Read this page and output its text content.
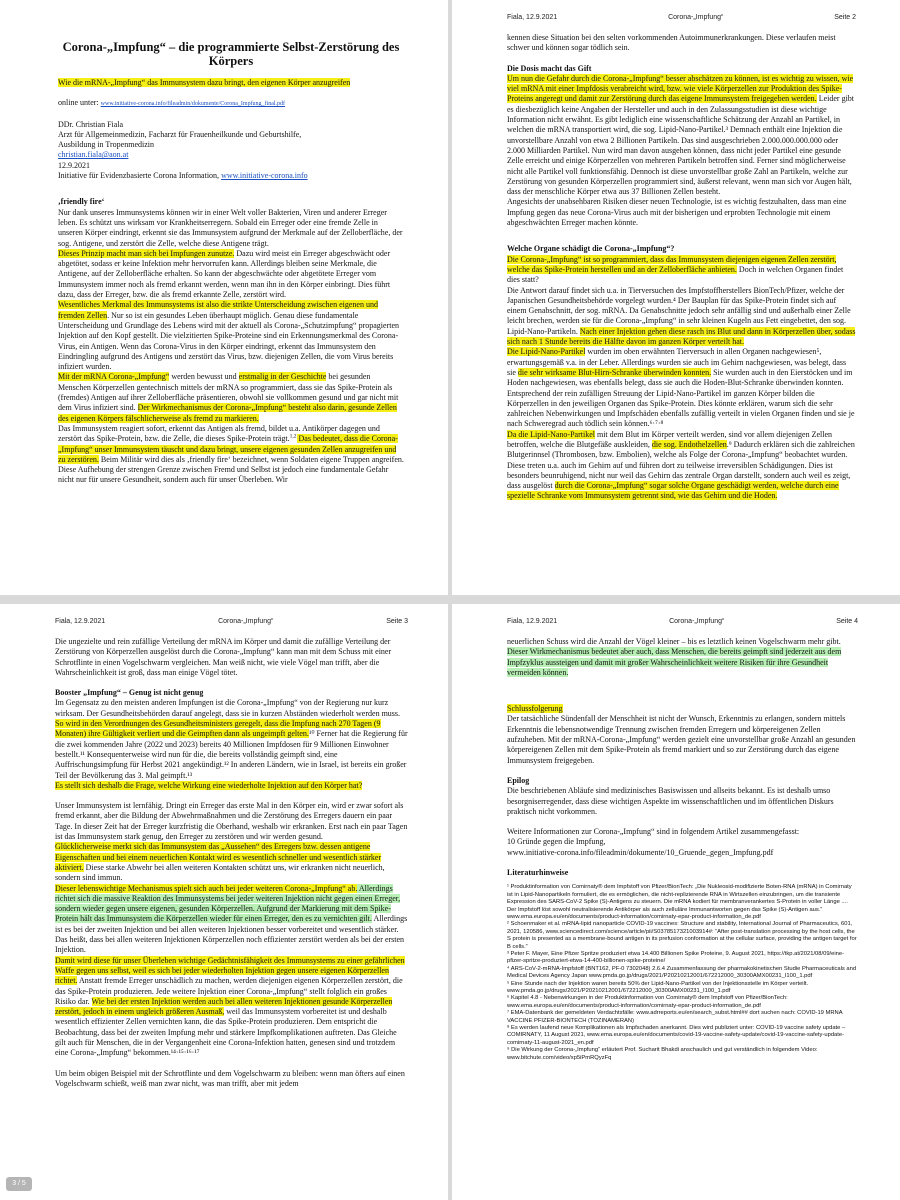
Corona-„Impfung“ – die programmierte Selbst-Zerstörung des Körpers

Wie die mRNA-„Impfung“ das Immunsystem dazu bringt, den eigenen Körper anzugreifen

online unter: www.initiative-corona.info/fileadmin/dokumente/Corona_Impfung_final.pdf

DDr. Christian Fiala

Arzt für Allgemeinmedizin, Facharzt für Frauenheilkunde und Geburtshilfe,

Ausbildung in Tropenmedizin

christian.fiala@aon.at

12.9.2021

Initiative für Evidenzbasierte Corona Information, www.initiative-corona.info

‚friendly fire‘

Nur dank unseres Immunsystems können wir in einer Welt voller Bakterien, Viren und anderer Erreger leben. Es schützt uns wirksam vor Krankheitserregern. Sobald ein Erreger oder eine fremde Zelle in unseren Körper eindringt, erkennt sie das Immunsystem aufgrund der Merkmale auf der Zelloberfläche, der sog. Antigene, und zerstört die Zelle, welche diese Antigene trägt.

Dieses Prinzip macht man sich bei Impfungen zunutze. Dazu wird meist ein Erreger abgeschwächt oder abgetötet, sodass er keine Infektion mehr hervorrufen kann. Allerdings bleiben seine Merkmale, die Antigene, auf der Zelloberfläche erhalten. So kann der abgeschwächte oder abgetötete Erreger vom Immunsystem immer noch als fremd erkannt werden, wenn man ihn in den Körper einbringt. Dies führt dazu, dass der Erreger, bzw. die als fremd erkannte Zelle, zerstört wird.

Wesentliches Merkmal des Immunsystems ist also die strikte Unterscheidung zwischen eigenen und fremden Zellen. Nur so ist ein gesundes Leben überhaupt möglich. Genau diese fundamentale Unterscheidung und Grundlage des Lebens wird mit der aktuell als Corona-„Schutzimpfung“ propagierten Injektion auf den Kopf gestellt. Die vielzitierten Spike-Proteine sind ein Erkennungsmerkmal des Corona-Virus, ein Antigen. Wenn das Corona-Virus in den Körper eindringt, erkennt das Immunsystem den Eindringling aufgrund des Antigens und zerstört das Virus, bzw. diejenigen Zellen, die vom Virus bereits infiziert wurden.

Mit der mRNA Corona-„Impfung“ werden bewusst und erstmalig in der Geschichte bei gesunden Menschen Körperzellen gentechnisch mittels der mRNA so programmiert, dass sie das Spike-Protein als (fremdes) Antigen auf ihrer Zelloberfläche präsentieren, obwohl sie vollkommen gesund und gar nicht mit dem Virus infiziert sind. Der Wirkmechanismus der Corona-„Impfung“ besteht also darin, gesunde Zellen des eigenen Körpers fälschlicherweise als fremd zu markieren.

Das Immunsystem reagiert sofort, erkennt das Antigen als fremd, bildet u.a. Antikörper dagegen und zerstört das Spike-Protein, bzw. die Zelle, die dieses Spike-Protein trägt.$^{1,2}$ Das bedeutet, dass die Corona-„Impfung“ unser Immunsystem täuscht und dazu bringt, unsere eigenen gesunden Zellen anzugreifen und zu zerstören. Beim Militär wird dies als ‚friendly fire‘ bezeichnet, wenn Soldaten eigene Truppen angreifen.

Diese Aufhebung der strengen Grenze zwischen Fremd und Selbst ist jedoch eine fundamentale Gefahr nicht nur für unsere Gesundheit, sondern auch für unser Überleben. Wir

Fiala, 12.9.2021	Corona-„Impfung“	Seite 2

kennen diese Situation bei den selten vorkommenden Autoimmunerkrankungen. Diese verlaufen meist schwer und können sogar tödlich sein.

Die Dosis macht das Gift

Um nun die Gefahr durch die Corona-„Impfung“ besser abschätzen zu können, ist es wichtig zu wissen, wie viel mRNA mit einer Impfdosis verabreicht wird, bzw. wie viele Körperzellen zur Produktion des Spike-Proteins angeregt und damit zur Zerstörung durch das eigene Immunsystem freigegeben werden. Leider gibt es diesbezüglich keine Angaben der Hersteller und auch in den Zulassungsstudien ist diese wichtige Information nicht erwähnt. Es gibt lediglich eine wissenschaftliche Schätzung der Anzahl an Partikel, in welchen die mRNA transportiert wird, die sog. Lipid-Nano-Partikel.³ Demnach enthält eine Injektion die unvorstellbare Anzahl von etwa 2 Billionen Partikeln. Das sind ausgeschrieben 2.000.000.000.000 oder 2.000 Milliarden Partikel. Nun wird man davon ausgehen können, dass nicht jeder Partikel eine gesunde Zelle erreicht und einige Körperzellen von mehreren Partikeln betroffen sind. Ferner sind möglicherweise nicht alle Partikel voll funktionsfähig. Dennoch ist diese unvorstellbar große Zahl an Partikeln, welche zur Zerstörung von gesunden Körperzellen programmiert sind, äußerst relevant, wenn man sich vor Augen hält, dass der menschliche Körper etwa aus 37 Billionen Zellen besteht.

Angesichts der unabsehbaren Risiken dieser neuen Technologie, ist es wichtig festzuhalten, dass man eine Impfung gegen das neue Corona-Virus auch mit der bisherigen und erprobten Technologie mit einem abgeschwächten Erreger machen könnte.

Welche Organe schädigt die Corona-„Impfung“?

Die Corona-„Impfung“ ist so programmiert, dass das Immunsystem diejenigen eigenen Zellen zerstört, welche das Spike-Protein herstellen und an der Zelloberfläche anbieten. Doch in welchen Organen findet dies statt?

Die Antwort darauf findet sich u.a. in Tierversuchen des Impfstoffherstellers BionTech/Pfizer, welche der Japanischen Gesundheitsbehörde vorgelegt wurden.⁴ Der Bauplan für das Spike-Protein findet sich auf einem Genabschnitt, der sog. mRNA. Da Genabschnitte jedoch sehr anfällig sind und außerhalb einer Zelle leicht brechen, werden sie für die Corona-„Impfung“ in sehr kleinen Kugeln aus Fett eingebettet, den sog. Lipid-Nano-Partikeln. Nach einer Injektion gehen diese rasch ins Blut und dann in Körperzellen über, sodass sich nach 1 Stunde bereits die Hälfte davon im ganzen Körper verteilt hat.

Die Lipid-Nano-Partikel wurden im oben erwähnten Tierversuch in allen Organen nachgewiesen⁵, erwartungsgemäß v.a. in der Leber. Allerdings wurden sie auch im Gehirn nachgewiesen, was belegt, dass sie die sehr wirksame Blut-Hirn-Schranke überwinden konnten. Sie wurden auch in den Eierstöcken und im Hoden nachgewiesen, was ebenfalls belegt, dass sie auch die Hoden-Blut-Schranke überwinden konnten. Entsprechend der rein zufälligen Streuung der Lipid-Nano-Partikel im ganzen Körper bilden die Körperzellen in den jeweiligen Organen das Spike-Protein. Dies könnte erklären, warum sich die sehr zahlreichen Nebenwirkungen und Impfschäden ebenfalls zufällig verteilt in vielen Organen finden und sie je nach Schweregrad auch tödlich sein können.⁶·⁷·⁸

Da die Lipid-Nano-Partikel mit dem Blut im Körper verteilt werden, sind vor allem diejenigen Zellen betroffen, welche die Blutgefäße auskleiden, die sog. Endothelzellen.⁹ Dadurch erklären sich die zahlreichen Blutgerinnsel (Thrombosen, bzw. Embolien), welche als Folge der Corona-„Impfung“ beobachtet wurden. Diese treten u.a. auch im Gehirn auf und führen dort zu teilweise irreversiblen Schädigungen. Dies ist besonders beunruhigend, nicht nur weil das Gehirn das zentrale Organ darstellt, sondern auch weil es zeigt, dass ausgelöst durch die Corona-„Impfung“ sogar solche Organe geschädigt werden, welche durch eine spezielle Schranke vom Immunsystem getrennt sind, wie das Gehirn und die Hoden.

Fiala, 12.9.2021	Corona-„Impfung“	Seite 3

Die ungezielte und rein zufällige Verteilung der mRNA im Körper und damit die zufällige Verteilung der Zerstörung von Körperzellen ausgelöst durch die Corona-„Impfung“ kann man mit dem Schuss mit einer Schrotflinte in einen Vogelschwarm vergleichen. Man weiß nicht, wie viele Vögel man trifft, aber die Wahrscheinlichkeit ist groß, dass man einige Vögel tötet.

Booster „Impfung“ – Genug ist nicht genug

Im Gegensatz zu den meisten anderen Impfungen ist die Corona-„Impfung“ von der Regierung nur kurz wirksam. Der Gesundheitsbehörden darauf angelegt, dass sie in kurzen Abständen wiederholt werden muss. So wird in den Verordnungen des Gesundheitsministers geregelt, dass die Impfung nach 270 Tagen (9 Monaten) ihre Gültigkeit verliert und die Geimpften dann als ungeimpft gelten.¹⁰ Ferner hat die Regierung für die zwei kommenden Jahre (2022 und 2023) bereits 40 Millionen Impfdosen für 9 Millionen Einwohner bestellt.¹¹ Konsequenterweise wird nun für die, die bereits vollständig geimpft sind, eine Auffrischungsimpfung für Herbst 2021 angekündigt.¹² In anderen Ländern, wie in Israel, ist bereits ein großer Teil der Bevölkerung das 3. Mal geimpft.¹³

Es stellt sich deshalb die Frage, welche Wirkung eine wiederholte Injektion auf den Körper hat?

Unser Immunsystem ist lernfähig. Dringt ein Erreger das erste Mal in den Körper ein, wird er zwar sofort als fremd erkannt, aber die Bildung der Abwehrmaßnahmen und die Zerstörung des Erregers dauern ein paar Tage. In dieser Zeit hat der Erreger kurzfristig die Oberhand, weshalb wir erkranken. Erst nach ein paar Tagen ist das Immunsystem stark genug, den Erreger zu zerstören und wir werden gesund.

Glücklicherweise merkt sich das Immunsystem das „Aussehen“ des Erregers bzw. dessen antigene Eigenschaften und bei einem neuerlichen Kontakt wird es wesentlich schneller und wesentlich stärker aktiviert. Diese starke Abwehr bei allen weiteren Kontakten schützt uns, wir erkranken nicht neuerlich, sondern sind immun.

Dieser lebenswichtige Mechanismus spielt sich auch bei jeder weiteren Corona-„Impfung“ ab. Allerdings richtet sich die massive Reaktion des Immunsystems bei jeder weiteren Injektion nicht gegen einen Erreger, sondern wieder gegen unsere eigenen, gesunden Körperzellen. Aufgrund der Markierung mit dem Spike-Protein hält das Immunsystem die Körperzellen wieder für einen Erreger, den es zu vernichten gilt. Allerdings ist es bei der zweiten Injektion und bei allen weiteren Injektionen besser vorbereitet und wesentlich stärker. Das heißt, dass bei allen weiteren Injektionen Körperzellen noch effizienter zerstört werden als bei der ersten Injektion.

Damit wird diese für unser Überleben wichtige Gedächtnisfähigkeit des Immunsystems zu einer gefährlichen Waffe gegen uns selbst, weil es sich bei jeder wiederholten Injektion gegen unsere eigenen Körperzellen richtet. Anstatt fremde Erreger unschädlich zu machen, werden diejenigen eigenen Körperzellen zerstört, die das Spike-Protein produzieren. Jede weitere Injektion einer Corona-„Impfung“ stellt folglich ein großes Risiko dar. Wie bei der ersten Injektion werden auch bei allen weiteren Injektionen gesunde Körperzellen zerstört, jedoch in einem ungleich größeren Ausmaß, weil das Immunsystem vorbereitet ist und deshalb wesentlich effizienter Zellen vernichten kann, die das Spike-Protein produzieren. Dem entspricht die Beobachtung, dass bei der zweiten Impfung mehr und stärkere Impfkomplikationen auftreten. Das Gleiche gilt auch für Menschen, die in der Vergangenheit eine Corona-Infektion hatten, genesen sind und trotzdem eine Corona-„Impfung“ bekommen.¹⁴·¹⁵·¹⁶·¹⁷

Um beim obigen Beispiel mit der Schrotflinte und dem Vogelschwarm zu bleiben: wenn man öfters auf einen Vogelschwarm schießt, weiß man zwar nicht, was man trifft, aber mit jedem

Fiala, 12.9.2021	Corona-„Impfung“	Seite 4

neuerlichen Schuss wird die Anzahl der Vögel kleiner – bis es letztlich keinen Vogelschwarm mehr gibt.

Dieser Wirkmechanismus bedeutet aber auch, dass Menschen, die bereits geimpft sind jederzeit aus dem Impfzyklus aussteigen und damit mit großer Wahrscheinlichkeit weitere Risiken für ihre Gesundheit vermeiden können.

Schlussfolgerung

Der tatsächliche Sündenfall der Menschheit ist nicht der Wunsch, Erkenntnis zu erlangen, sondern mittels Erkenntnis die lebensnotwendige Trennung zwischen fremden Erregern und körpereigenen Zellen aufzuheben. Mit der mRNA-Corona-„Impfung“ werden gezielt eine unvorstellbar große Anzahl an gesunden körpereigenen Zellen mit dem Spike-Protein als fremd markiert und so zur Zerstörung durch das eigene Immunsystem freigegeben.

Epilog

Die beschriebenen Abläufe sind medizinisches Basiswissen und allseits bekannt. Es ist deshalb umso besorgniserregender, dass diese wichtigen Aspekte im wissenschaftlichen und im öffentlichen Diskurs praktisch nicht vorkommen.

Weitere Informationen zur Corona-„Impfung“ sind in folgendem Artikel zusammengefasst:

10 Gründe gegen die Impfung,

www.initiative-corona.info/fileadmin/dokumente/10_Gruende_gegen_Impfung.pdf

Literaturhinweise

¹ Produktinformation von Comirnaty® dem Impfstoff von Pfizer/BionTech: „Die Nukleosid-modifizierte Boten-RNA (mRNA) in Comirnaty ist in Lipid-Nanopartikeln formuliert, die es ermöglichen, die nicht-replizierende RNA in Wirtszellen einzubringen, um die transiente Expression des SARS-CoV-2 Spike (S)-Antigens zu steuern. Die mRNA kodiert für membranverankertes S-Protein in voller Länge .... Der Impfstoff löst sowohl neutralisierende Antikörper als auch zelluläre Immunantworten gegen das Spike (S)-Antigen aus.“ www.ema.europa.eu/en/documents/product-information/comirnaty-epar-product-information_de.pdf

² Schoenmaker et al. mRNA-lipid nanoparticle COVID-19 vaccines: Structure and stability, International Journal of Pharmaceutics, 601, 2021, 120586, www.sciencedirect.com/science/article/pii/S0378517321003914#: “After post-translation processing by the host cells, the S protein is presented as a membrane-bound antigen in its prefusion conformation at the cellular surface, providing the antigen target for B cells.”

³ Peter F. Mayer, Eine Pfizer Spritze produziert etwa 14.400 Billionen Spike Proteine, 9. August 2021, https://tkp.at/2021/08/09/eine-pfizer-spritze-produziert-etwa-14-400-billionen-spike-proteine/

⁴ ARS-CoV-2-mRNA-Impfstoff (BNT162, PF-0 7302048) 2.6.4 Zusammenfassung der pharmakokinetischen Studie Pharmaceuticals and Medical Devices Agency Japan www.pmda.go.jp/drugs/2021/P20210212001/672212000_30300AMX00231_I100_1.pdf

⁵ Eine Stunde nach der Injektion waren bereits 50% der Lipid-Nano-Partikel von der Injektionsstelle im Körper verteilt. www.pmda.go.jp/drugs/2021/P20210212001/672212000_30300AMX00231_I100_1.pdf

⁶ Kapitel 4.8 - Nebenwirkungen in der Produktinformation von Comirnaty® dem Impfstoff von Pfizer/BionTech: www.ema.europa.eu/en/documents/product-information/comirnaty-epar-product-information_de.pdf

⁷ EMA-Datenbank der gemeldeten Verdachtsfälle: www.adrreports.eu/en/search_subst.html## dort suchen nach: COVID-19 MRNA VACCINE PFIZER-BIONTECH (TOZINAMERAN)

⁸ Es werden laufend neue Komplikationen als Impfschaden anerkannt. Dies wird publiziert unter: COVID-19 vaccine safety update – COMIRNATY, 11 August 2021, www.ema.europa.eu/en/documents/covid-19-vaccine-safety-update/covid-19-vaccine-safety-update-comirnaty-11-august-2021_en.pdf

⁹ Die Wirkung der Corona-„Impfung“ erläutert Prof. Sucharit Bhakdi anschaulich und gut verständlich in folgendem Video: www.bitchute.com/video/xp5iPmRQyzFq

3 / 5
